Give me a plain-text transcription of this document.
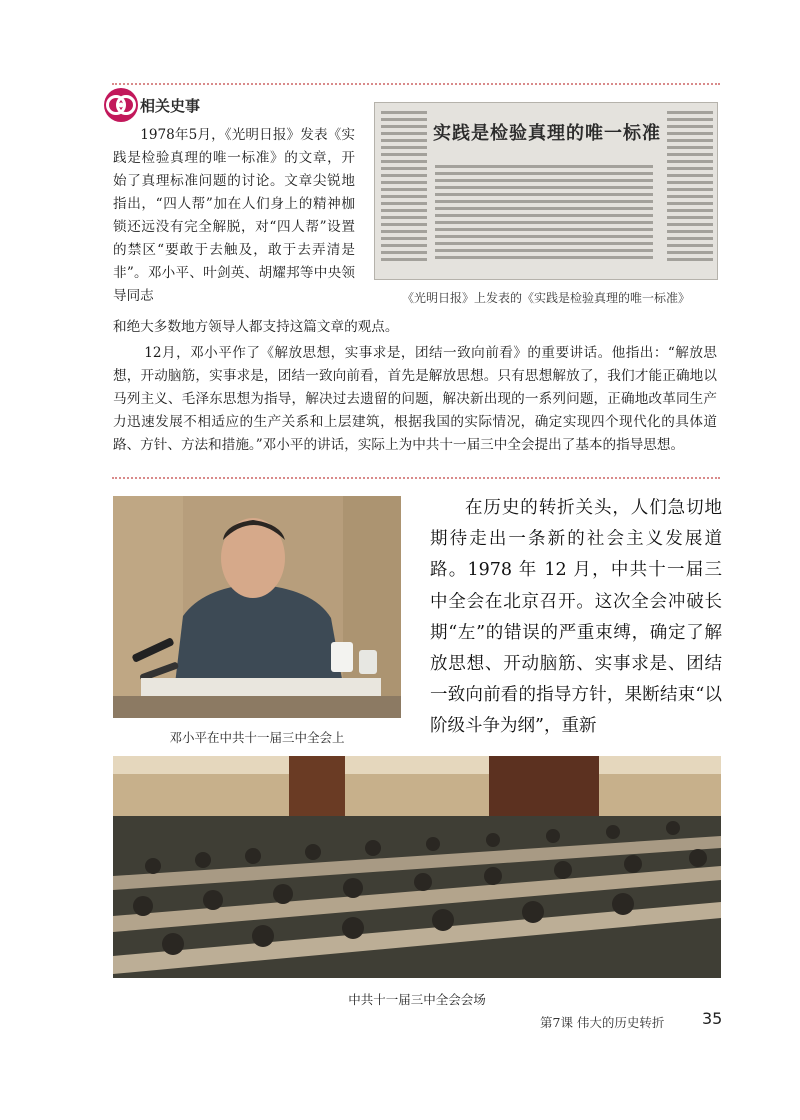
相关史事

1978年5月，《光明日报》发表《实践是检验真理的唯一标准》的文章，开始了真理标准问题的讨论。文章尖锐地指出，“四人帮”加在人们身上的精神枷锁还远没有完全解脱，对“四人帮”设置的禁区“要敢于去触及，敢于去弄清是非”。邓小平、叶剑英、胡耀邦等中央领导同志

和绝大多数地方领导人都支持这篇文章的观点。

实践是检验真理的唯一标准
《光明日报》上发表的《实践是检验真理的唯一标准》

12月，邓小平作了《解放思想，实事求是，团结一致向前看》的重要讲话。他指出：“解放思想，开动脑筋，实事求是，团结一致向前看，首先是解放思想。只有思想解放了，我们才能正确地以马列主义、毛泽东思想为指导，解决过去遗留的问题，解决新出现的一系列问题，正确地改革同生产力迅速发展不相适应的生产关系和上层建筑，根据我国的实际情况，确定实现四个现代化的具体道路、方针、方法和措施。”邓小平的讲话，实际上为中共十一届三中全会提出了基本的指导思想。

邓小平在中共十一届三中全会上

在历史的转折关头，人们急切地期待走出一条新的社会主义发展道路。1978 年 12 月，中共十一届三中全会在北京召开。这次全会冲破长期“左”的错误的严重束缚，确定了解放思想、开动脑筋、实事求是、团结一致向前看的指导方针，果断结束“以阶级斗争为纲”，重新

中共十一届三中全会会场
第7课 伟大的历史转折 35
